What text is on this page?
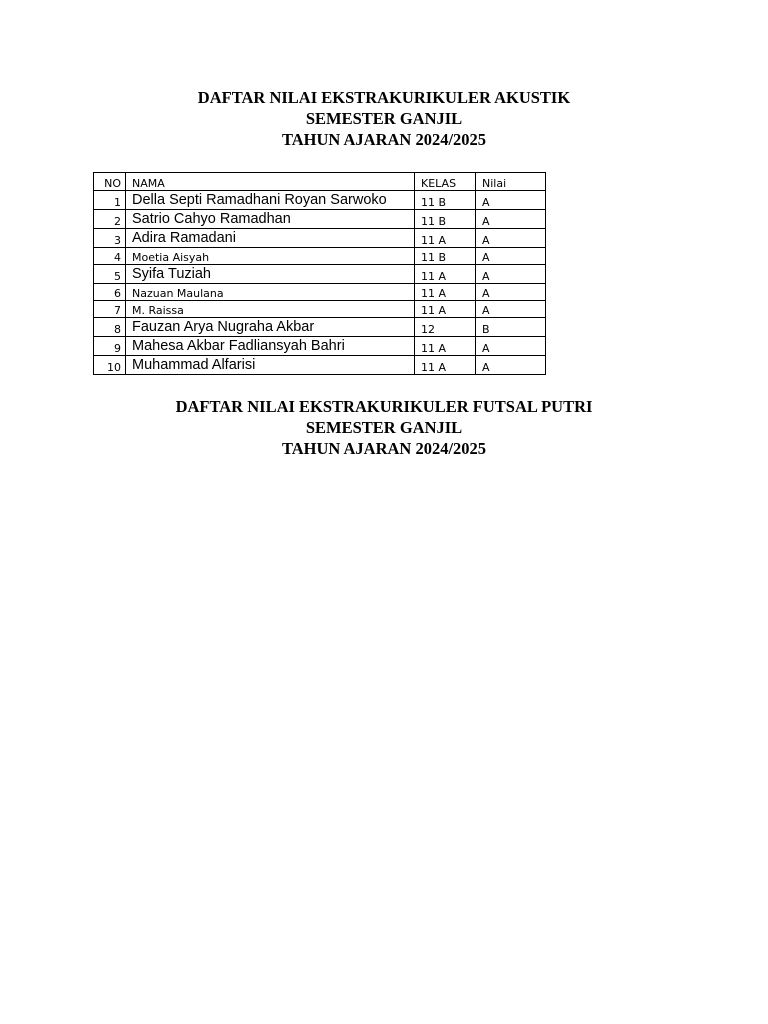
DAFTAR NILAI EKSTRAKURIKULER AKUSTIK
SEMESTER GANJIL
TAHUN AJARAN 2024/2025
NO	NAMA	KELAS	Nilai
1	Della Septi Ramadhani Royan Sarwoko	11 B	A
2	Satrio Cahyo Ramadhan	11 B	A
3	Adira Ramadani	11 A	A
4	Moetia Aisyah	11 B	A
5	Syifa Tuziah	11 A	A
6	Nazuan Maulana	11 A	A
7	M. Raissa	11 A	A
8	Fauzan Arya Nugraha Akbar	12	B
9	Mahesa Akbar Fadliansyah Bahri	11 A	A
10	Muhammad Alfarisi	11 A	A
DAFTAR NILAI EKSTRAKURIKULER FUTSAL PUTRI
SEMESTER GANJIL
TAHUN AJARAN 2024/2025
